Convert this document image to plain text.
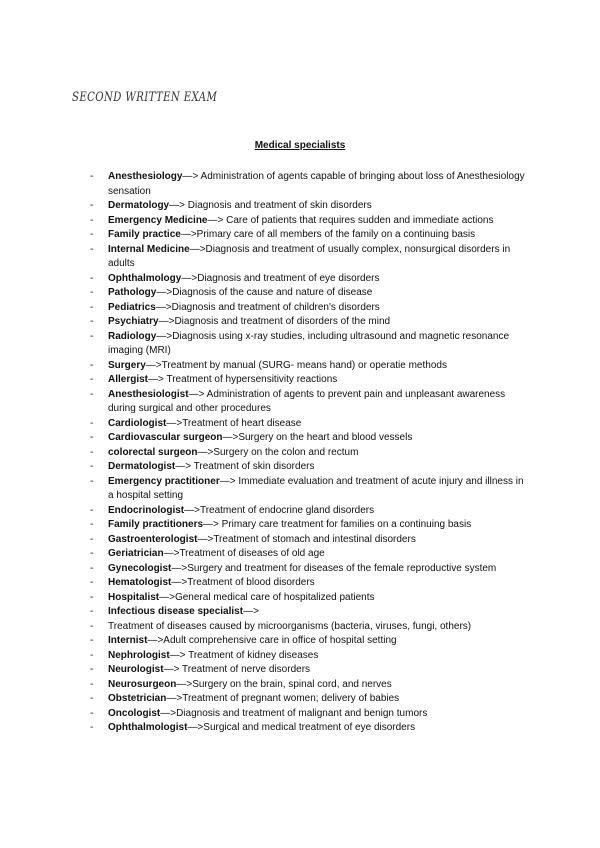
SECOND WRITTEN EXAM
Medical specialists
- Anesthesiology—> Administration of agents capable of bringing about loss of Anesthesiology sensation
- Dermatology—> Diagnosis and treatment of skin disorders
- Emergency Medicine—> Care of patients that requires sudden and immediate actions
- Family practice—>Primary care of all members of the family on a continuing basis
- Internal Medicine—>Diagnosis and treatment of usually complex, nonsurgical disorders in adults
- Ophthalmology—>Diagnosis and treatment of eye disorders
- Pathology—>Diagnosis of the cause and nature of disease
- Pediatrics—>Diagnosis and treatment of children's disorders
- Psychiatry—>Diagnosis and treatment of disorders of the mind
- Radiology—>Diagnosis using x-ray studies, including ultrasound and magnetic resonance imaging (MRI)
- Surgery—>Treatment by manual (SURG- means hand) or operatie methods
- Allergist—> Treatment of hypersensitivity reactions
- Anesthesiologist—> Administration of agents to prevent pain and unpleasant awareness during surgical and other procedures
- Cardiologist—>Treatment of heart disease
- Cardiovascular surgeon—>Surgery on the heart and blood vessels
- colorectal surgeon—>Surgery on the colon and rectum
- Dermatologist—> Treatment of skin disorders
- Emergency practitioner—> Immediate evaluation and treatment of acute injury and illness in a hospital setting
- Endocrinologist—>Treatment of endocrine gland disorders
- Family practitioners—> Primary care treatment for families on a continuing basis
- Gastroenterologist—>Treatment of stomach and intestinal disorders
- Geriatrician—>Treatment of diseases of old age
- Gynecologist—>Surgery and treatment for diseases of the female reproductive system
- Hematologist—>Treatment of blood disorders
- Hospitalist—>General medical care of hospitalized patients
- Infectious disease specialist—>
- Treatment of diseases caused by microorganisms (bacteria, viruses, fungi, others)
- Internist—>Adult comprehensive care in office of hospital setting
- Nephrologist—> Treatment of kidney diseases
- Neurologist—> Treatment of nerve disorders
- Neurosurgeon—>Surgery on the brain, spinal cord, and nerves
- Obstetrician—>Treatment of pregnant women; delivery of babies
- Oncologist—>Diagnosis and treatment of malignant and benign tumors
- Ophthalmologist—>Surgical and medical treatment of eye disorders
